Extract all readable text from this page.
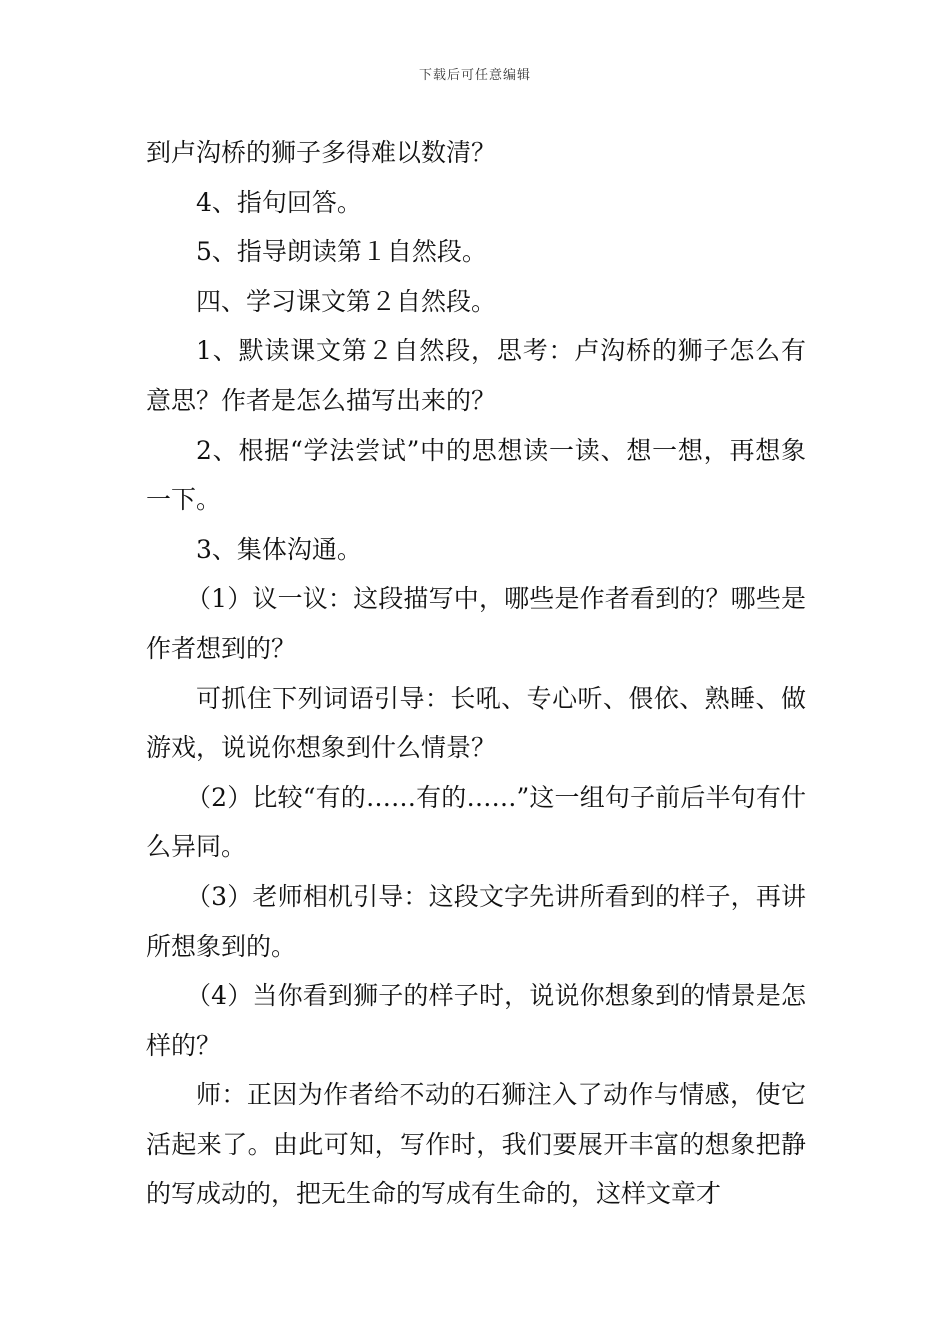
下载后可任意编辑

到卢沟桥的狮子多得难以数清？

4、指句回答。

5、指导朗读第１自然段。

四、学习课文第２自然段。

1、默读课文第２自然段，思考：卢沟桥的狮子怎么有意思？作者是怎么描写出来的？

2、根据“学法尝试”中的思想读一读、想一想，再想象一下。

3、集体沟通。

（1）议一议：这段描写中，哪些是作者看到的？哪些是作者想到的？

可抓住下列词语引导：长吼、专心听、偎依、熟睡、做游戏，说说你想象到什么情景？

（2）比较“有的……有的……”这一组句子前后半句有什么异同。

（3）老师相机引导：这段文字先讲所看到的样子，再讲所想象到的。

（4）当你看到狮子的样子时，说说你想象到的情景是怎样的？

师：正因为作者给不动的石狮注入了动作与情感，使它活起来了。由此可知，写作时，我们要展开丰富的想象把静的写成动的，把无生命的写成有生命的，这样文章才
